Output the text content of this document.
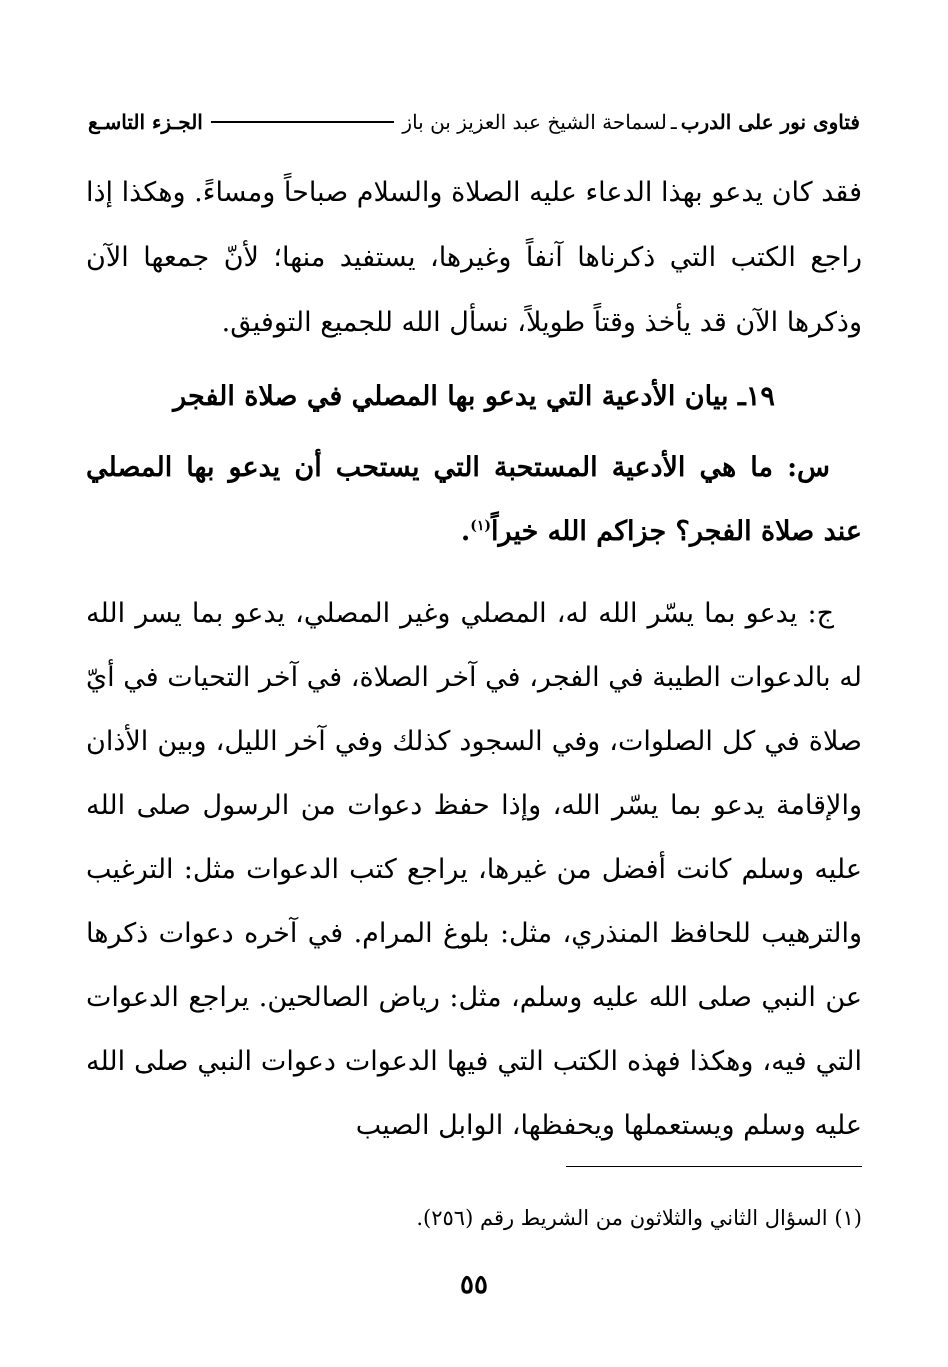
فتاوى نور على الدرب
ـ
لسماحة الشيخ عبد العزيز بن باز
الجـزء التاسـع

فقد كان يدعو بهذا الدعاء عليه الصلاة والسلام صباحاً ومساءً. وهكذا إذا راجع الكتب التي ذكرناها آنفاً وغيرها، يستفيد منها؛ لأنّ جمعها الآن وذكرها الآن قد يأخذ وقتاً طويلاً، نسأل الله للجميع التوفيق.

١٩ـ بيان الأدعية التي يدعو بها المصلي في صلاة الفجر

س: ما هي الأدعية المستحبة التي يستحب أن يدعو بها المصلي عند صلاة الفجر؟ جزاكم الله خيراً$^{(١)}$.

ج: يدعو بما يسّر الله له، المصلي وغير المصلي، يدعو بما يسر الله له بالدعوات الطيبة في الفجر، في آخر الصلاة، في آخر التحيات في أيّ صلاة في كل الصلوات، وفي السجود كذلك وفي آخر الليل، وبين الأذان والإقامة يدعو بما يسّر الله، وإذا حفظ دعوات من الرسول صلى الله عليه وسلم كانت أفضل من غيرها، يراجع كتب الدعوات مثل: الترغيب والترهيب للحافظ المنذري، مثل: بلوغ المرام. في آخره دعوات ذكرها عن النبي صلى الله عليه وسلم، مثل: رياض الصالحين. يراجع الدعوات التي فيه، وهكذا فهذه الكتب التي فيها الدعوات دعوات النبي صلى الله عليه وسلم ويستعملها ويحفظها، الوابل الصيب

(١) السؤال الثاني والثلاثون من الشريط رقم (٢٥٦).
٥٥
